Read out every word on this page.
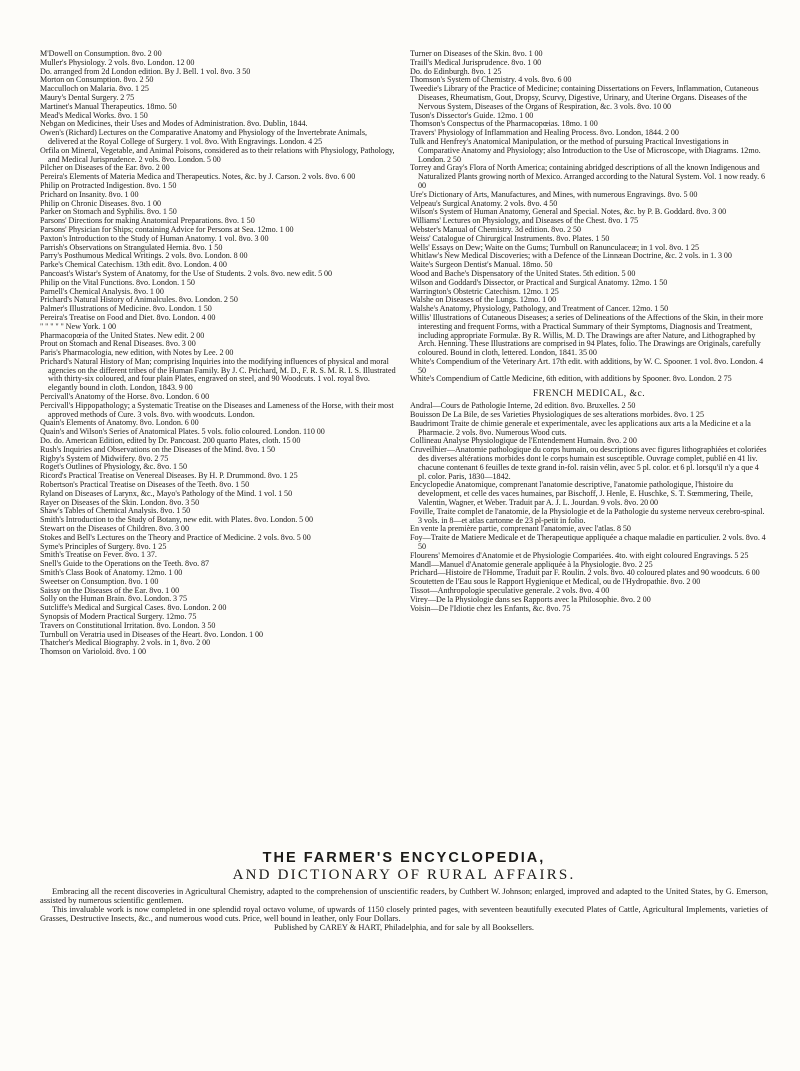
M'Dowell on Consumption. 8vo. 2 00

Muller's Physiology. 2 vols. 8vo. London. 12 00

Do. arranged from 2d London edition. By J. Bell. 1 vol. 8vo. 3 50

Morton on Consumption. 8vo. 2 50

Macculloch on Malaria. 8vo. 1 25

Maury's Dental Surgery. 2 75

Martinet's Manual Therapeutics. 18mo. 50

Mead's Medical Works. 8vo. 1 50

Nebgan on Medicines, their Uses and Modes of Administration. 8vo. Dublin, 1844.

Owen's (Richard) Lectures on the Comparative Anatomy and Physiology of the Invertebrate Animals, delivered at the Royal College of Surgery. 1 vol. 8vo. With Engravings. London. 4 25

Orfila on Mineral, Vegetable, and Animal Poisons, considered as to their relations with Physiology, Pathology, and Medical Jurisprudence. 2 vols. 8vo. London. 5 00

Pilcher on Diseases of the Ear. 8vo. 2 00

Pereira's Elements of Materia Medica and Therapeutics. Notes, &c. by J. Carson. 2 vols. 8vo. 6 00

Philip on Protracted Indigestion. 8vo. 1 50

Prichard on Insanity. 8vo. 1 00

Philip on Chronic Diseases. 8vo. 1 00

Parker on Stomach and Syphilis. 8vo. 1 50

Parsons' Directions for making Anatomical Preparations. 8vo. 1 50

Parsons' Physician for Ships; containing Advice for Persons at Sea. 12mo. 1 00

Paxton's Introduction to the Study of Human Anatomy. 1 vol. 8vo. 3 00

Parrish's Observations on Strangulated Hernia. 8vo. 1 50

Parry's Posthumous Medical Writings. 2 vols. 8vo. London. 8 00

Parke's Chemical Catechism. 13th edit. 8vo. London. 4 00

Pancoast's Wistar's System of Anatomy, for the Use of Students. 2 vols. 8vo. new edit. 5 00

Philip on the Vital Functions. 8vo. London. 1 50

Parnell's Chemical Analysis. 8vo. 1 00

Prichard's Natural History of Animalcules. 8vo. London. 2 50

Palmer's Illustrations of Medicine. 8vo. London. 1 50

Pereira's Treatise on Food and Diet. 8vo. London. 4 00

" " " " " New York. 1 00

Pharmacopœia of the United States. New edit. 2 00

Prout on Stomach and Renal Diseases. 8vo. 3 00

Paris's Pharmacologia, new edition, with Notes by Lee. 2 00

Prichard's Natural History of Man; comprising Inquiries into the modifying influences of physical and moral agencies on the different tribes of the Human Family. By J. C. Prichard, M. D., F. R. S. M. R. I. S. Illustrated with thirty-six coloured, and four plain Plates, engraved on steel, and 90 Woodcuts. 1 vol. royal 8vo. elegantly bound in cloth. London, 1843. 9 00

Percivall's Anatomy of the Horse. 8vo. London. 6 00

Percivall's Hippopathology; a Systematic Treatise on the Diseases and Lameness of the Horse, with their most approved methods of Cure. 3 vols. 8vo. with woodcuts. London.

Quain's Elements of Anatomy. 8vo. London. 6 00

Quain's and Wilson's Series of Anatomical Plates. 5 vols. folio coloured. London. 110 00

Do. do. American Edition, edited by Dr. Pancoast. 200 quarto Plates, cloth. 15 00

Rush's Inquiries and Observations on the Diseases of the Mind. 8vo. 1 50

Rigby's System of Midwifery. 8vo. 2 75

Roget's Outlines of Physiology, &c. 8vo. 1 50

Ricord's Practical Treatise on Venereal Diseases. By H. P. Drummond. 8vo. 1 25

Robertson's Practical Treatise on Diseases of the Teeth. 8vo. 1 50

Ryland on Diseases of Larynx, &c., Mayo's Pathology of the Mind. 1 vol. 1 50

Rayer on Diseases of the Skin. London. 8vo. 3 50

Shaw's Tables of Chemical Analysis. 8vo. 1 50

Smith's Introduction to the Study of Botany, new edit. with Plates. 8vo. London. 5 00

Stewart on the Diseases of Children. 8vo. 3 00

Stokes and Bell's Lectures on the Theory and Practice of Medicine. 2 vols. 8vo. 5 00

Syme's Principles of Surgery. 8vo. 1 25

Smith's Treatise on Fever. 8vo. 1 37.

Snell's Guide to the Operations on the Teeth. 8vo. 87

Smith's Class Book of Anatomy. 12mo. 1 00

Sweetser on Consumption. 8vo. 1 00

Saissy on the Diseases of the Ear. 8vo. 1 00

Solly on the Human Brain. 8vo. London. 3 75

Sutcliffe's Medical and Surgical Cases. 8vo. London. 2 00

Synopsis of Modern Practical Surgery. 12mo. 75

Travers on Constitutional Irritation. 8vo. London. 3 50

Turnbull on Veratria used in Diseases of the Heart. 8vo. London. 1 00

Thatcher's Medical Biography. 2 vols. in 1, 8vo. 2 00

Thomson on Varioloid. 8vo. 1 00

Turner on Diseases of the Skin. 8vo. 1 00

Traill's Medical Jurisprudence. 8vo. 1 00

Do. do Edinburgh. 8vo. 1 25

Thomson's System of Chemistry. 4 vols. 8vo. 6 00

Tweedie's Library of the Practice of Medicine; containing Dissertations on Fevers, Inflammation, Cutaneous Diseases, Rheumatism, Gout, Dropsy, Scurvy, Digestive, Urinary, and Uterine Organs. Diseases of the Nervous System, Diseases of the Organs of Respiration, &c. 3 vols. 8vo. 10 00

Tuson's Dissector's Guide. 12mo. 1 00

Thomson's Conspectus of the Pharmacopœias. 18mo. 1 00

Travers' Physiology of Inflammation and Healing Process. 8vo. London, 1844. 2 00

Tulk and Henfrey's Anatomical Manipulation, or the method of pursuing Practical Investigations in Comparative Anatomy and Physiology; also Introduction to the Use of Microscope, with Diagrams. 12mo. London. 2 50

Torrey and Gray's Flora of North America; containing abridged descriptions of all the known Indigenous and Naturalized Plants growing north of Mexico. Arranged according to the Natural System. Vol. 1 now ready. 6 00

Ure's Dictionary of Arts, Manufactures, and Mines, with numerous Engravings. 8vo. 5 00

Velpeau's Surgical Anatomy. 2 vols. 8vo. 4 50

Wilson's System of Human Anatomy, General and Special. Notes, &c. by P. B. Goddard. 8vo. 3 00

Williams' Lectures on Physiology, and Diseases of the Chest. 8vo. 1 75

Webster's Manual of Chemistry. 3d edition. 8vo. 2 50

Weiss' Catalogue of Chirurgical Instruments. 8vo. Plates. 1 50

Wells' Essays on Dew; Waite on the Gums; Turnbull on Ranunculaceæ; in 1 vol. 8vo. 1 25

Whitlaw's New Medical Discoveries; with a Defence of the Linnæan Doctrine, &c. 2 vols. in 1. 3 00

Waite's Surgeon Dentist's Manual. 18mo. 50

Wood and Bache's Dispensatory of the United States. 5th edition. 5 00

Wilson and Goddard's Dissector, or Practical and Surgical Anatomy. 12mo. 1 50

Warrington's Obstetric Catechism. 12mo. 1 25

Walshe on Diseases of the Lungs. 12mo. 1 00

Walshe's Anatomy, Physiology, Pathology, and Treatment of Cancer. 12mo. 1 50

Willis' Illustrations of Cutaneous Diseases; a series of Delineations of the Affections of the Skin, in their more interesting and frequent Forms, with a Practical Summary of their Symptoms, Diagnosis and Treatment, including appropriate Formulæ. By R. Willis, M. D. The Drawings are after Nature, and Lithographed by Arch. Henning. These Illustrations are comprised in 94 Plates, folio. The Drawings are Originals, carefully coloured. Bound in cloth, lettered. London, 1841. 35 00

White's Compendium of the Veterinary Art. 17th edit. with additions, by W. C. Spooner. 1 vol. 8vo. London. 4 50

White's Compendium of Cattle Medicine, 6th edition, with additions by Spooner. 8vo. London. 2 75

FRENCH MEDICAL, &c.

Andral—Cours de Pathologie Interne, 2d edition. 8vo. Bruxelles. 2 50

Bouisson De La Bile, de ses Varieties Physiologiques de ses alterations morbides. 8vo. 1 25

Baudrimont Traite de chimie generale et experimentale, avec les applications aux arts a la Medicine et a la Pharmacie. 2 vols. 8vo. Numerous Wood cuts.

Collineau Analyse Physiologique de l'Entendement Humain. 8vo. 2 00

Cruveilhier—Anatomie pathologique du corps humain, ou descriptions avec figures lithographiées et coloriées des diverses altérations morbides dont le corps humain est susceptible. Ouvrage complet, publié en 41 liv. chacune contenant 6 feuilles de texte grand in-fol. raisin vélin, avec 5 pl. color. et 6 pl. lorsqu'il n'y a que 4 pl. color. Paris, 1830—1842.

Encyclopedie Anatomique, comprenant l'anatomie descriptive, l'anatomie pathologique, l'histoire du development, et celle des vaces humaines, par Bischoff, J. Henle, E. Huschke, S. T. Sœmmering, Theile, Valentin, Wagner, et Weber. Traduit par A. J. L. Jourdan. 9 vols. 8vo. 20 00

Foville, Traite complet de l'anatomie, de la Physiologie et de la Pathologie du systeme nerveux cerebro-spinal. 3 vols. in 8—et atlas cartonne de 23 pl-petit in folio.

En vente la première partie, comprenant l'anatomie, avec l'atlas. 8 50

Foy—Traite de Matiere Medicale et de Therapeutique appliquée a chaque maladie en particulier. 2 vols. 8vo. 4 50

Flourens' Memoires d'Anatomie et de Physiologie Compariées. 4to. with eight coloured Engravings. 5 25

Mandl—Manuel d'Anatomie generale appliquée à la Physiologie. 8vo. 2 25

Prichard—Histoire de l'Homme, Traduit par F. Roulin. 2 vols. 8vo. 40 coloured plates and 90 woodcuts. 6 00

Scoutetten de l'Eau sous le Rapport Hygienique et Medical, ou de l'Hydropathie. 8vo. 2 00

Tissot—Anthropologie speculative generale. 2 vols. 8vo. 4 00

Virey—De la Physiologie dans ses Rapports avec la Philosophie. 8vo. 2 00

Voisin—De l'Idiotie chez les Enfants, &c. 8vo. 75

THE FARMER'S ENCYCLOPEDIA,

AND DICTIONARY OF RURAL AFFAIRS.

Embracing all the recent discoveries in Agricultural Chemistry, adapted to the comprehension of unscientific readers, by Cuthbert W. Johnson; enlarged, improved and adapted to the United States, by G. Emerson, assisted by numerous scientific gentlemen.

This invaluable work is now completed in one splendid royal octavo volume, of upwards of 1150 closely printed pages, with seventeen beautifully executed Plates of Cattle, Agricultural Implements, varieties of Grasses, Destructive Insects, &c., and numerous wood cuts. Price, well bound in leather, only Four Dollars.

Published by CAREY & HART, Philadelphia, and for sale by all Booksellers.
